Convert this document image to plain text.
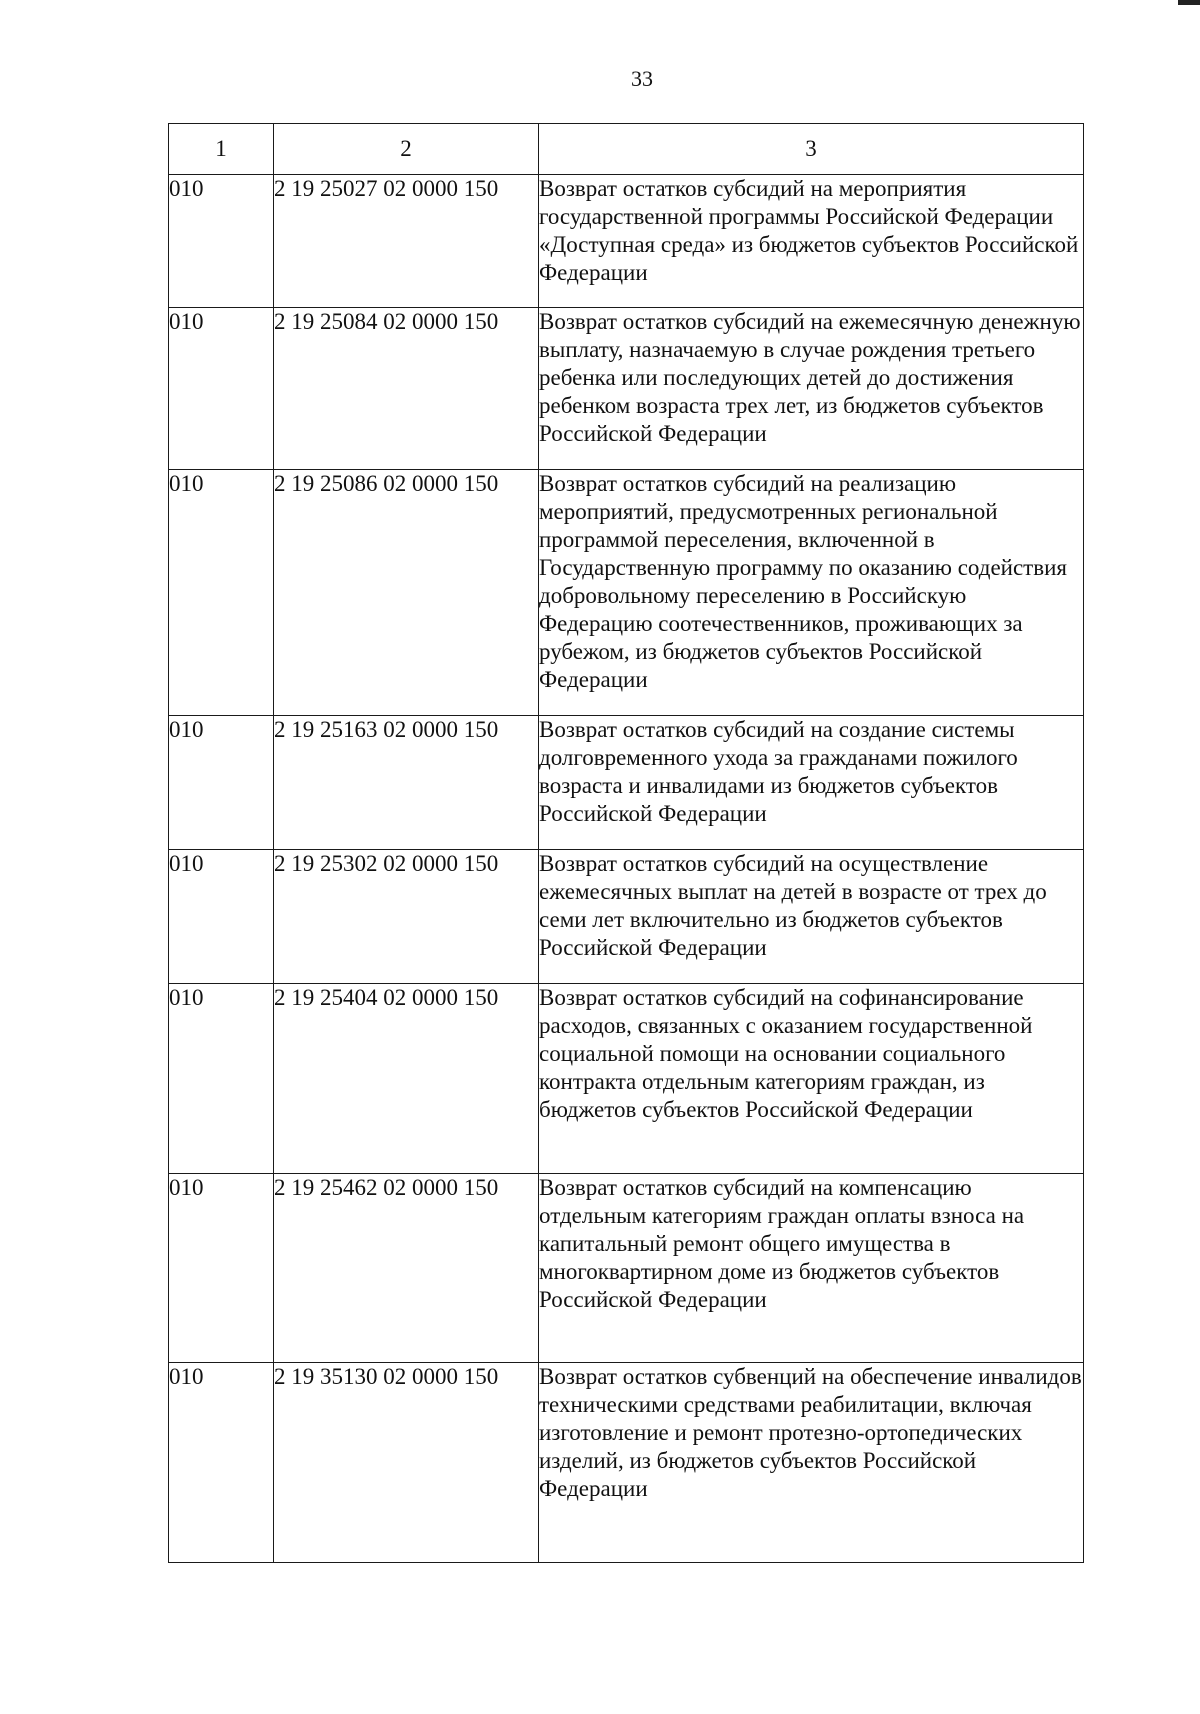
33
1	2	3
010	2 19 25027 02 0000 150	Возврат остатков субсидий на мероприятия государственной программы Российской Федерации «Доступная среда» из бюджетов субъектов Российской Федерации
010	2 19 25084 02 0000 150	Возврат остатков субсидий на ежемесячную денежную выплату, назначаемую в случае рождения третьего ребенка или последующих детей до достижения ребенком возраста трех лет, из бюджетов субъектов Российской Федерации
010	2 19 25086 02 0000 150	Возврат остатков субсидий на реализацию мероприятий, предусмотренных региональной программой переселения, включенной в Государственную программу по оказанию содействия добровольному переселению в Российскую Федерацию соотечественников, проживающих за рубежом, из бюджетов субъектов Российской Федерации
010	2 19 25163 02 0000 150	Возврат остатков субсидий на создание системы долговременного ухода за гражданами пожилого возраста и инвалидами из бюджетов субъектов Российской Федерации
010	2 19 25302 02 0000 150	Возврат остатков субсидий на осуществление ежемесячных выплат на детей в возрасте от трех до семи лет включительно из бюджетов субъектов Российской Федерации
010	2 19 25404 02 0000 150	Возврат остатков субсидий на софинансирование расходов, связанных с оказанием государственной социальной помощи на основании социального контракта отдельным категориям граждан, из бюджетов субъектов Российской Федерации
010	2 19 25462 02 0000 150	Возврат остатков субсидий на компенсацию отдельным категориям граждан оплаты взноса на капитальный ремонт общего имущества в многоквартирном доме из бюджетов субъектов Российской Федерации
010	2 19 35130 02 0000 150	Возврат остатков субвенций на обеспечение инвалидов техническими средствами реабилитации, включая изготовление и ремонт протезно-ортопедических изделий, из бюджетов субъектов Российской Федерации
